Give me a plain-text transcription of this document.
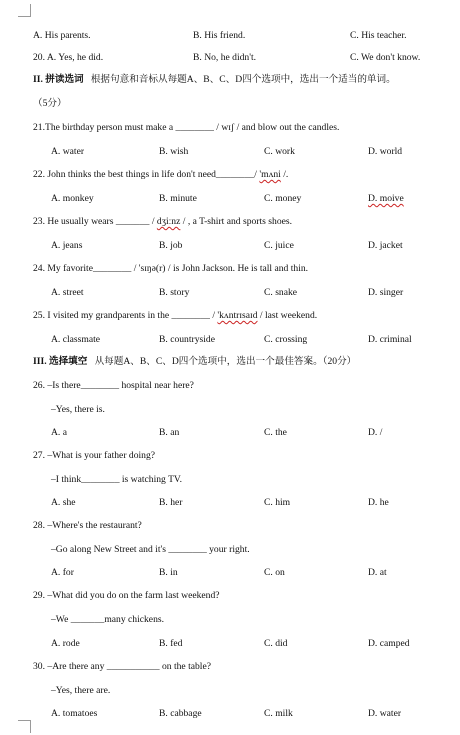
A. His parents.	B. His friend.	C. His teacher.
20. A. Yes, he did.	B. No, he didn't.	C. We don't know.
II. 拼读选词 根据句意和音标从每题A、B、C、D四个选项中，选出一个适当的单词。
（5分）
21.The birthday person must make a ________ / wɪʃ / and blow out the candles.
A. water	B. wish	C. work	D. world
22. John thinks the best things in life don't need________/ 'mʌni /.
A. monkey	B. minute	C. money	D. moive
23. He usually wears _______ / dʒiːnz / , a T-shirt and sports shoes.
A. jeans	B. job	C. juice	D. jacket
24. My favorite________ / 'sɪŋə(r) / is John Jackson. He is tall and thin.
A. street	B. story	C. snake	D. singer
25. I visited my grandparents in the ________ / 'kʌntrɪsaɪd / last weekend.
A. classmate	B. countryside	C. crossing	D. criminal
III. 选择填空 从每题A、B、C、D四个选项中，选出一个最佳答案。（20分）
26. –Is there________ hospital near here?
–Yes, there is.
A. a	B. an	C. the	D. /
27. –What is your father doing?
–I think________ is watching TV.
A. she	B. her	C. him	D. he
28. –Where's the restaurant?
–Go along New Street and it's ________ your right.
A. for	B. in	C. on	D. at
29. –What did you do on the farm last weekend?
–We _______many chickens.
A. rode	B. fed	C. did	D. camped
30. –Are there any ___________ on the table?
–Yes, there are.
A. tomatoes	B. cabbage	C. milk	D. water
